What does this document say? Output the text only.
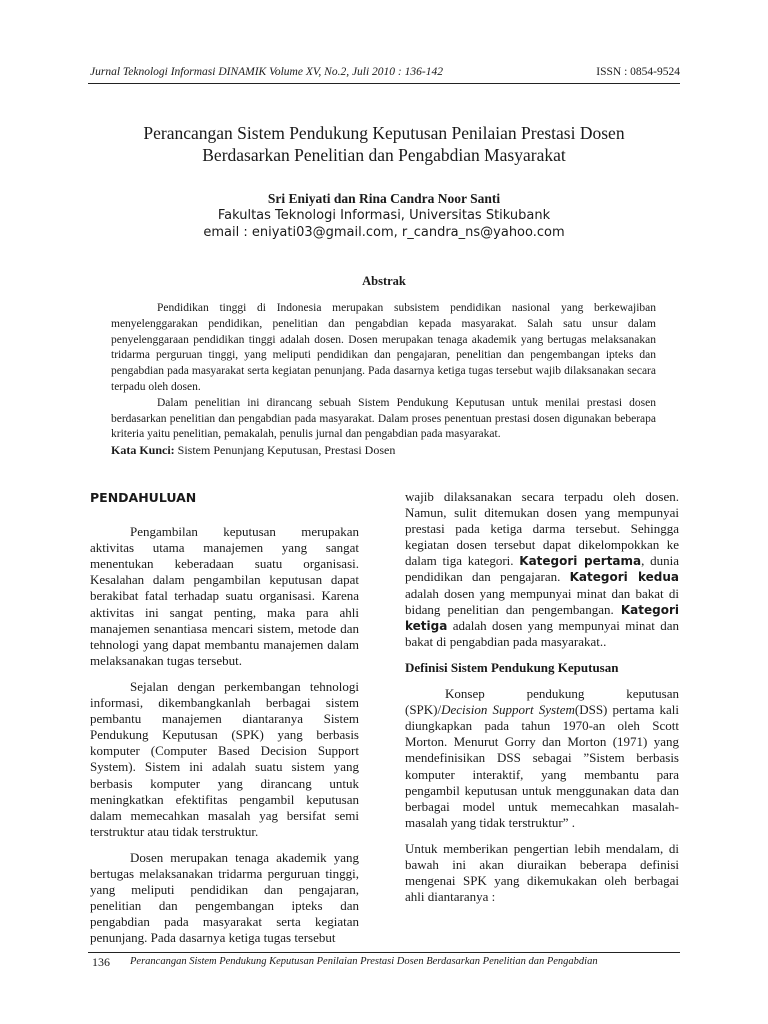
Jurnal Teknologi Informasi DINAMIK Volume XV, No.2, Juli 2010 : 136-142	ISSN : 0854-9524
Perancangan Sistem Pendukung Keputusan Penilaian Prestasi Dosen
Berdasarkan Penelitian dan Pengabdian Masyarakat
Sri Eniyati dan Rina Candra Noor Santi
Fakultas Teknologi Informasi, Universitas Stikubank
email : eniyati03@gmail.com, r_candra_ns@yahoo.com
Abstrak

Pendidikan tinggi di Indonesia merupakan subsistem pendidikan nasional yang berkewajiban menyelenggarakan pendidikan, penelitian dan pengabdian kepada masyarakat. Salah satu unsur dalam penyelenggaraan pendidikan tinggi adalah dosen. Dosen merupakan tenaga akademik yang bertugas melaksanakan tridarma perguruan tinggi, yang meliputi pendidikan dan pengajaran, penelitian dan pengembangan ipteks dan pengabdian pada masyarakat serta kegiatan penunjang. Pada dasarnya ketiga tugas tersebut wajib dilaksanakan secara terpadu oleh dosen.

Dalam penelitian ini dirancang sebuah Sistem Pendukung Keputusan untuk menilai prestasi dosen berdasarkan penelitian dan pengabdian pada masyarakat. Dalam proses penentuan prestasi dosen digunakan beberapa kriteria yaitu penelitian, pemakalah, penulis jurnal dan pengabdian pada masyarakat.

Kata Kunci: Sistem Penunjang Keputusan, Prestasi Dosen
PENDAHULUAN

Pengambilan keputusan merupakan aktivitas utama manajemen yang sangat menentukan keberadaan suatu organisasi. Kesalahan dalam pengambilan keputusan dapat berakibat fatal terhadap suatu organisasi. Karena aktivitas ini sangat penting, maka para ahli manajemen senantiasa mencari sistem, metode dan tehnologi yang dapat membantu manajemen dalam melaksanakan tugas tersebut.

Sejalan dengan perkembangan tehnologi informasi, dikembangkanlah berbagai sistem pembantu manajemen diantaranya Sistem Pendukung Keputusan (SPK) yang berbasis komputer (Computer Based Decision Support System). Sistem ini adalah suatu sistem yang berbasis komputer yang dirancang untuk meningkatkan efektifitas pengambil keputusan dalam memecahkan masalah yag bersifat semi terstruktur atau tidak terstruktur.

Dosen merupakan tenaga akademik yang bertugas melaksanakan tridarma perguruan tinggi, yang meliputi pendidikan dan pengajaran, penelitian dan pengembangan ipteks dan pengabdian pada masyarakat serta kegiatan penunjang. Pada dasarnya ketiga tugas tersebut

wajib dilaksanakan secara terpadu oleh dosen. Namun, sulit ditemukan dosen yang mempunyai prestasi pada ketiga darma tersebut. Sehingga kegiatan dosen tersebut dapat dikelompokkan ke dalam tiga kategori. Kategori pertama, dunia pendidikan dan pengajaran. Kategori kedua adalah dosen yang mempunyai minat dan bakat di bidang penelitian dan pengembangan. Kategori ketiga adalah dosen yang mempunyai minat dan bakat di pengabdian pada masyarakat..

Definisi Sistem Pendukung Keputusan

Konsep pendukung keputusan (SPK)/Decision Support System(DSS) pertama kali diungkapkan pada tahun 1970-an oleh Scott Morton. Menurut Gorry dan Morton (1971) yang mendefinisikan DSS sebagai ”Sistem berbasis komputer interaktif, yang membantu para pengambil keputusan untuk menggunakan data dan berbagai model untuk memecahkan masalah-masalah yang tidak terstruktur” .

Untuk memberikan pengertian lebih mendalam, di bawah ini akan diuraikan beberapa definisi mengenai SPK yang dikemukakan oleh berbagai ahli diantaranya :

136 Perancangan Sistem Pendukung Keputusan Penilaian Prestasi Dosen Berdasarkan Penelitian dan Pengabdian
